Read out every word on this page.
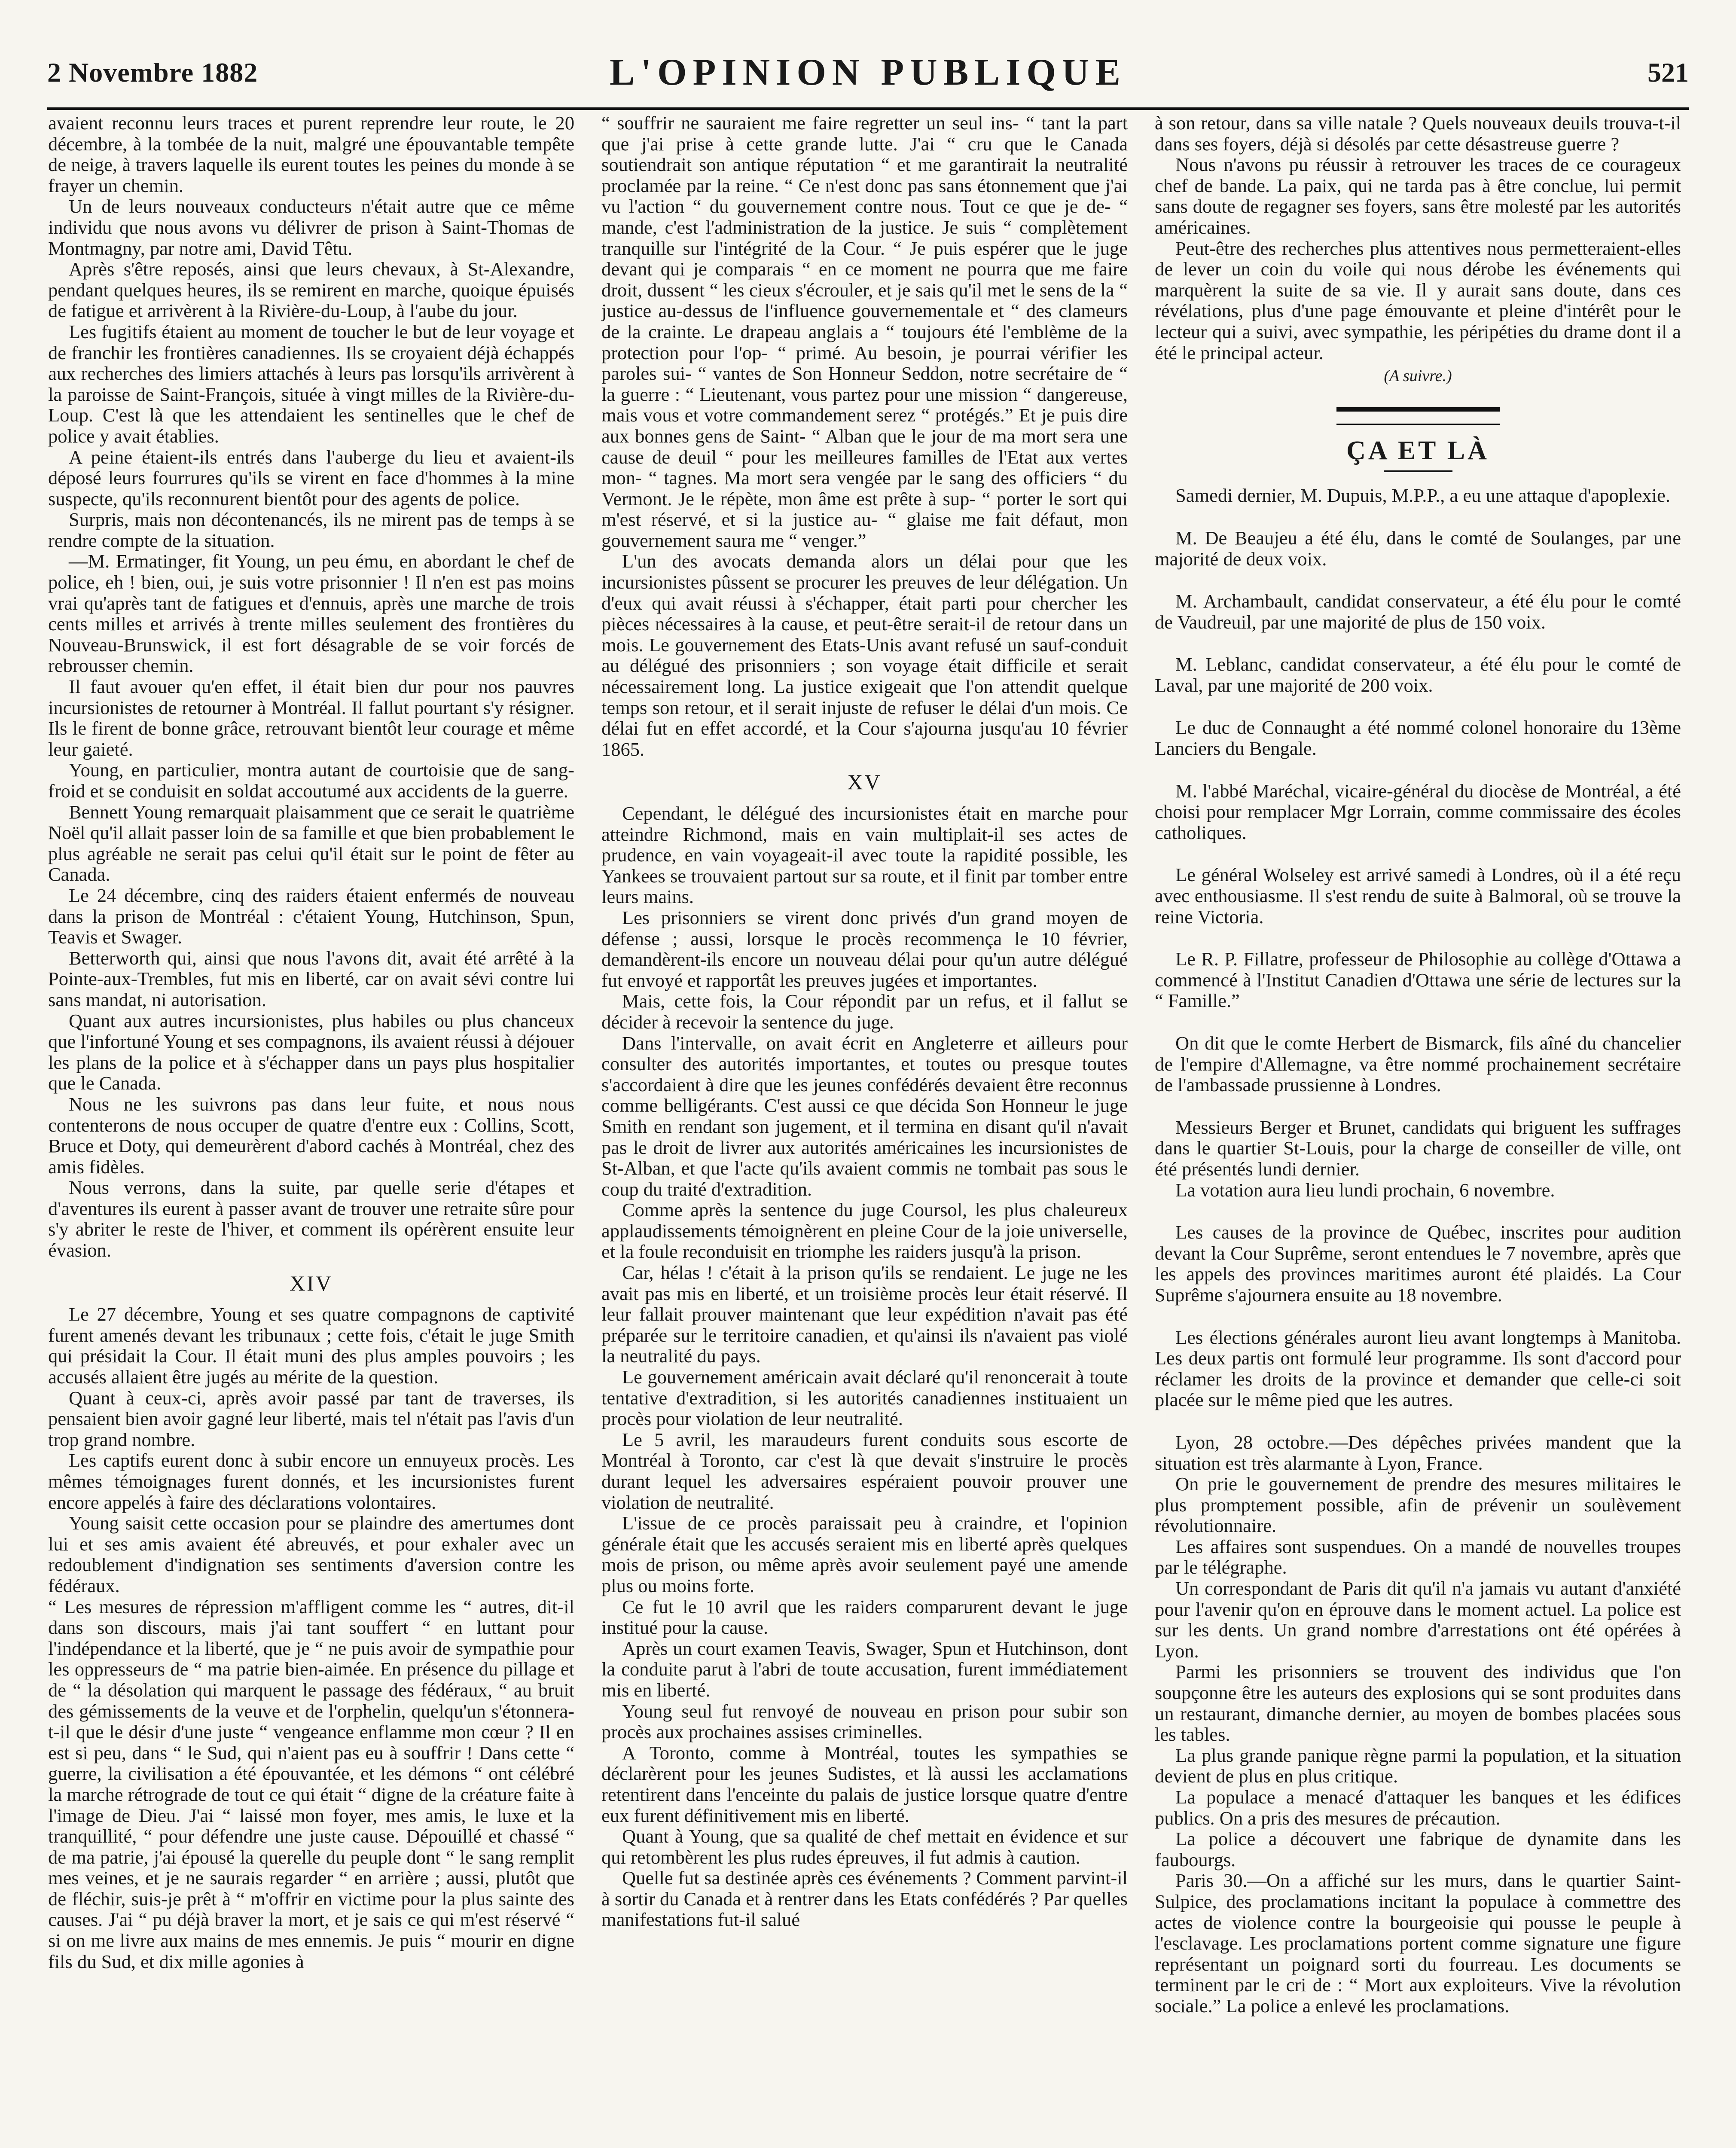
2 Novembre 1882	L'OPINION PUBLIQUE	521

avaient reconnu leurs traces et purent reprendre leur route, le 20 décembre, à la tombée de la nuit, malgré une épouvantable tempête de neige, à travers laquelle ils eurent toutes les peines du monde à se frayer un chemin.

Un de leurs nouveaux conducteurs n'était autre que ce même individu que nous avons vu délivrer de prison à Saint-Thomas de Montmagny, par notre ami, David Têtu.

Après s'être reposés, ainsi que leurs chevaux, à St-Alexandre, pendant quelques heures, ils se remirent en marche, quoique épuisés de fatigue et arrivèrent à la Rivière-du-Loup, à l'aube du jour.

Les fugitifs étaient au moment de toucher le but de leur voyage et de franchir les frontières canadiennes. Ils se croyaient déjà échappés aux recherches des limiers attachés à leurs pas lorsqu'ils arrivèrent à la paroisse de Saint-François, située à vingt milles de la Rivière-du-Loup. C'est là que les attendaient les sentinelles que le chef de police y avait établies.

A peine étaient-ils entrés dans l'auberge du lieu et avaient-ils déposé leurs fourrures qu'ils se virent en face d'hommes à la mine suspecte, qu'ils reconnurent bientôt pour des agents de police.

Surpris, mais non décontenancés, ils ne mirent pas de temps à se rendre compte de la situation.

—M. Ermatinger, fit Young, un peu ému, en abordant le chef de police, eh ! bien, oui, je suis votre prisonnier ! Il n'en est pas moins vrai qu'après tant de fatigues et d'ennuis, après une marche de trois cents milles et arrivés à trente milles seulement des frontières du Nouveau-Brunswick, il est fort désagrable de se voir forcés de rebrousser chemin.

Il faut avouer qu'en effet, il était bien dur pour nos pauvres incursionistes de retourner à Montréal. Il fallut pourtant s'y résigner. Ils le firent de bonne grâce, retrouvant bientôt leur courage et même leur gaieté.

Young, en particulier, montra autant de courtoisie que de sang-froid et se conduisit en soldat accoutumé aux accidents de la guerre.

Bennett Young remarquait plaisamment que ce serait le quatrième Noël qu'il allait passer loin de sa famille et que bien probablement le plus agréable ne serait pas celui qu'il était sur le point de fêter au Canada.

Le 24 décembre, cinq des raiders étaient enfermés de nouveau dans la prison de Montréal : c'étaient Young, Hutchinson, Spun, Teavis et Swager.

Betterworth qui, ainsi que nous l'avons dit, avait été arrêté à la Pointe-aux-Trembles, fut mis en liberté, car on avait sévi contre lui sans mandat, ni autorisation.

Quant aux autres incursionistes, plus habiles ou plus chanceux que l'infortuné Young et ses compagnons, ils avaient réussi à déjouer les plans de la police et à s'échapper dans un pays plus hospitalier que le Canada.

Nous ne les suivrons pas dans leur fuite, et nous nous contenterons de nous occuper de quatre d'entre eux : Collins, Scott, Bruce et Doty, qui demeurèrent d'abord cachés à Montréal, chez des amis fidèles.

Nous verrons, dans la suite, par quelle serie d'étapes et d'aventures ils eurent à passer avant de trouver une retraite sûre pour s'y abriter le reste de l'hiver, et comment ils opérèrent ensuite leur évasion.

XIV

Le 27 décembre, Young et ses quatre compagnons de captivité furent amenés devant les tribunaux ; cette fois, c'était le juge Smith qui présidait la Cour. Il était muni des plus amples pouvoirs ; les accusés allaient être jugés au mérite de la question.

Quant à ceux-ci, après avoir passé par tant de traverses, ils pensaient bien avoir gagné leur liberté, mais tel n'était pas l'avis d'un trop grand nombre.

Les captifs eurent donc à subir encore un ennuyeux procès. Les mêmes témoignages furent donnés, et les incursionistes furent encore appelés à faire des déclarations volontaires.

Young saisit cette occasion pour se plaindre des amertumes dont lui et ses amis avaient été abreuvés, et pour exhaler avec un redoublement d'indignation ses sentiments d'aversion contre les fédéraux.

“ Les mesures de répression m'affligent comme les “ autres, dit-il dans son discours, mais j'ai tant souffert “ en luttant pour l'indépendance et la liberté, que je “ ne puis avoir de sympathie pour les oppresseurs de “ ma patrie bien-aimée. En présence du pillage et de “ la désolation qui marquent le passage des fédéraux, “ au bruit des gémissements de la veuve et de l'orphelin, quelqu'un s'étonnera-t-il que le désir d'une juste “ vengeance enflamme mon cœur ? Il en est si peu, dans “ le Sud, qui n'aient pas eu à souffrir ! Dans cette “ guerre, la civilisation a été épouvantée, et les démons “ ont célébré la marche rétrograde de tout ce qui était “ digne de la créature faite à l'image de Dieu. J'ai “ laissé mon foyer, mes amis, le luxe et la tranquillité, “ pour défendre une juste cause. Dépouillé et chassé “ de ma patrie, j'ai épousé la querelle du peuple dont “ le sang remplit mes veines, et je ne saurais regarder “ en arrière ; aussi, plutôt que de fléchir, suis-je prêt à “ m'offrir en victime pour la plus sainte des causes. J'ai “ pu déjà braver la mort, et je sais ce qui m'est réservé “ si on me livre aux mains de mes ennemis. Je puis “ mourir en digne fils du Sud, et dix mille agonies à

“ souffrir ne sauraient me faire regretter un seul ins- “ tant la part que j'ai prise à cette grande lutte. J'ai “ cru que le Canada soutiendrait son antique réputation “ et me garantirait la neutralité proclamée par la reine. “ Ce n'est donc pas sans étonnement que j'ai vu l'action “ du gouvernement contre nous. Tout ce que je de- “ mande, c'est l'administration de la justice. Je suis “ complètement tranquille sur l'intégrité de la Cour. “ Je puis espérer que le juge devant qui je comparais “ en ce moment ne pourra que me faire droit, dussent “ les cieux s'écrouler, et je sais qu'il met le sens de la “ justice au-dessus de l'influence gouvernementale et “ des clameurs de la crainte. Le drapeau anglais a “ toujours été l'emblème de la protection pour l'op- “ primé. Au besoin, je pourrai vérifier les paroles sui- “ vantes de Son Honneur Seddon, notre secrétaire de “ la guerre : “ Lieutenant, vous partez pour une mission “ dangereuse, mais vous et votre commandement serez “ protégés.” Et je puis dire aux bonnes gens de Saint- “ Alban que le jour de ma mort sera une cause de deuil “ pour les meilleures familles de l'Etat aux vertes mon- “ tagnes. Ma mort sera vengée par le sang des officiers “ du Vermont. Je le répète, mon âme est prête à sup- “ porter le sort qui m'est réservé, et si la justice au- “ glaise me fait défaut, mon gouvernement saura me “ venger.”

L'un des avocats demanda alors un délai pour que les incursionistes pûssent se procurer les preuves de leur délégation. Un d'eux qui avait réussi à s'échapper, était parti pour chercher les pièces nécessaires à la cause, et peut-être serait-il de retour dans un mois. Le gouvernement des Etats-Unis avant refusé un sauf-conduit au délégué des prisonniers ; son voyage était difficile et serait nécessairement long. La justice exigeait que l'on attendit quelque temps son retour, et il serait injuste de refuser le délai d'un mois. Ce délai fut en effet accordé, et la Cour s'ajourna jusqu'au 10 février 1865.

XV

Cependant, le délégué des incursionistes était en marche pour atteindre Richmond, mais en vain multiplait-il ses actes de prudence, en vain voyageait-il avec toute la rapidité possible, les Yankees se trouvaient partout sur sa route, et il finit par tomber entre leurs mains.

Les prisonniers se virent donc privés d'un grand moyen de défense ; aussi, lorsque le procès recommença le 10 février, demandèrent-ils encore un nouveau délai pour qu'un autre délégué fut envoyé et rapportât les preuves jugées et importantes.

Mais, cette fois, la Cour répondit par un refus, et il fallut se décider à recevoir la sentence du juge.

Dans l'intervalle, on avait écrit en Angleterre et ailleurs pour consulter des autorités importantes, et toutes ou presque toutes s'accordaient à dire que les jeunes confédérés devaient être reconnus comme belligérants. C'est aussi ce que décida Son Honneur le juge Smith en rendant son jugement, et il termina en disant qu'il n'avait pas le droit de livrer aux autorités américaines les incursionistes de St-Alban, et que l'acte qu'ils avaient commis ne tombait pas sous le coup du traité d'extradition.

Comme après la sentence du juge Coursol, les plus chaleureux applaudissements témoignèrent en pleine Cour de la joie universelle, et la foule reconduisit en triomphe les raiders jusqu'à la prison.

Car, hélas ! c'était à la prison qu'ils se rendaient. Le juge ne les avait pas mis en liberté, et un troisième procès leur était réservé. Il leur fallait prouver maintenant que leur expédition n'avait pas été préparée sur le territoire canadien, et qu'ainsi ils n'avaient pas violé la neutralité du pays.

Le gouvernement américain avait déclaré qu'il renoncerait à toute tentative d'extradition, si les autorités canadiennes instituaient un procès pour violation de leur neutralité.

Le 5 avril, les maraudeurs furent conduits sous escorte de Montréal à Toronto, car c'est là que devait s'instruire le procès durant lequel les adversaires espéraient pouvoir prouver une violation de neutralité.

L'issue de ce procès paraissait peu à craindre, et l'opinion générale était que les accusés seraient mis en liberté après quelques mois de prison, ou même après avoir seulement payé une amende plus ou moins forte.

Ce fut le 10 avril que les raiders comparurent devant le juge institué pour la cause.

Après un court examen Teavis, Swager, Spun et Hutchinson, dont la conduite parut à l'abri de toute accusation, furent immédiatement mis en liberté.

Young seul fut renvoyé de nouveau en prison pour subir son procès aux prochaines assises criminelles.

A Toronto, comme à Montréal, toutes les sympathies se déclarèrent pour les jeunes Sudistes, et là aussi les acclamations retentirent dans l'enceinte du palais de justice lorsque quatre d'entre eux furent définitivement mis en liberté.

Quant à Young, que sa qualité de chef mettait en évidence et sur qui retombèrent les plus rudes épreuves, il fut admis à caution.

Quelle fut sa destinée après ces événements ? Comment parvint-il à sortir du Canada et à rentrer dans les Etats confédérés ? Par quelles manifestations fut-il salué

à son retour, dans sa ville natale ? Quels nouveaux deuils trouva-t-il dans ses foyers, déjà si désolés par cette désastreuse guerre ?

Nous n'avons pu réussir à retrouver les traces de ce courageux chef de bande. La paix, qui ne tarda pas à être conclue, lui permit sans doute de regagner ses foyers, sans être molesté par les autorités américaines.

Peut-être des recherches plus attentives nous permetteraient-elles de lever un coin du voile qui nous dérobe les événements qui marquèrent la suite de sa vie. Il y aurait sans doute, dans ces révélations, plus d'une page émouvante et pleine d'intérêt pour le lecteur qui a suivi, avec sympathie, les péripéties du drame dont il a été le principal acteur.

(A suivre.)
ÇA ET LÀ

Samedi dernier, M. Dupuis, M.P.P., a eu une attaque d'apoplexie.

M. De Beaujeu a été élu, dans le comté de Soulanges, par une majorité de deux voix.

M. Archambault, candidat conservateur, a été élu pour le comté de Vaudreuil, par une majorité de plus de 150 voix.

M. Leblanc, candidat conservateur, a été élu pour le comté de Laval, par une majorité de 200 voix.

Le duc de Connaught a été nommé colonel honoraire du 13ème Lanciers du Bengale.

M. l'abbé Maréchal, vicaire-général du diocèse de Montréal, a été choisi pour remplacer Mgr Lorrain, comme commissaire des écoles catholiques.

Le général Wolseley est arrivé samedi à Londres, où il a été reçu avec enthousiasme. Il s'est rendu de suite à Balmoral, où se trouve la reine Victoria.

Le R. P. Fillatre, professeur de Philosophie au collège d'Ottawa a commencé à l'Institut Canadien d'Ottawa une série de lectures sur la “ Famille.”

On dit que le comte Herbert de Bismarck, fils aîné du chancelier de l'empire d'Allemagne, va être nommé prochainement secrétaire de l'ambassade prussienne à Londres.

Messieurs Berger et Brunet, candidats qui briguent les suffrages dans le quartier St-Louis, pour la charge de conseiller de ville, ont été présentés lundi dernier.

La votation aura lieu lundi prochain, 6 novembre.

Les causes de la province de Québec, inscrites pour audition devant la Cour Suprême, seront entendues le 7 novembre, après que les appels des provinces maritimes auront été plaidés. La Cour Suprême s'ajournera ensuite au 18 novembre.

Les élections générales auront lieu avant longtemps à Manitoba. Les deux partis ont formulé leur programme. Ils sont d'accord pour réclamer les droits de la province et demander que celle-ci soit placée sur le même pied que les autres.

Lyon, 28 octobre.—Des dépêches privées mandent que la situation est très alarmante à Lyon, France.

On prie le gouvernement de prendre des mesures militaires le plus promptement possible, afin de prévenir un soulèvement révolutionnaire.

Les affaires sont suspendues. On a mandé de nouvelles troupes par le télégraphe.

Un correspondant de Paris dit qu'il n'a jamais vu autant d'anxiété pour l'avenir qu'on en éprouve dans le moment actuel. La police est sur les dents. Un grand nombre d'arrestations ont été opérées à Lyon.

Parmi les prisonniers se trouvent des individus que l'on soupçonne être les auteurs des explosions qui se sont produites dans un restaurant, dimanche dernier, au moyen de bombes placées sous les tables.

La plus grande panique règne parmi la population, et la situation devient de plus en plus critique.

La populace a menacé d'attaquer les banques et les édifices publics. On a pris des mesures de précaution.

La police a découvert une fabrique de dynamite dans les faubourgs.

Paris 30.—On a affiché sur les murs, dans le quartier Saint-Sulpice, des proclamations incitant la populace à commettre des actes de violence contre la bourgeoisie qui pousse le peuple à l'esclavage. Les proclamations portent comme signature une figure représentant un poignard sorti du fourreau. Les documents se terminent par le cri de : “ Mort aux exploiteurs. Vive la révolution sociale.” La police a enlevé les proclamations.
